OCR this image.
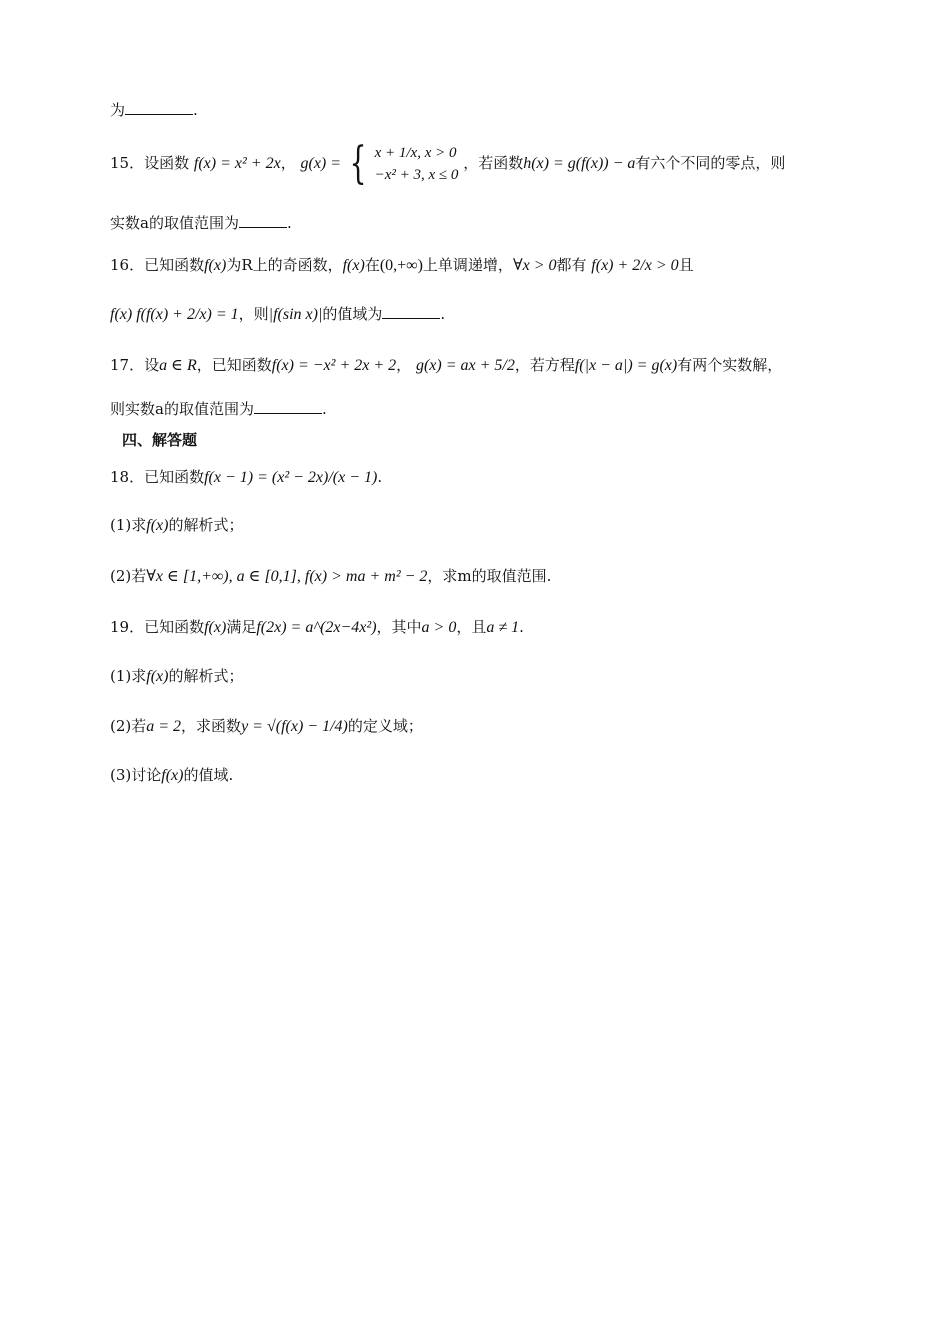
为	.
15．设函数 f(x) = x² + 2x， g(x) = { x + 1/x, x > 0
−x² + 3, x ≤ 0
，若函数h(x) = g(f(x)) − a有六个不同的零点，则
实数a的取值范围为	.
16．已知函数f(x)为R上的奇函数，f(x)在(0,+∞)上单调递增，∀x > 0都有 f(x) + 2/x > 0且
f(x) f(f(x) + 2/x) = 1，则|f(sin x)|的值域为	.
17．设a ∈ R，已知函数f(x) = −x² + 2x + 2， g(x) = ax + 5/2，若方程f(|x − a|) = g(x)有两个实数解，
则实数a的取值范围为	.
四、解答题
18．已知函数f(x − 1) = (x² − 2x)/(x − 1).
(1)求f(x)的解析式；
(2)若∀x ∈ [1,+∞), a ∈ [0,1], f(x) > ma + m² − 2，求m的取值范围.
19．已知函数f(x)满足f(2x) = a^(2x−4x²)，其中a > 0，且a ≠ 1.
(1)求f(x)的解析式；
(2)若a = 2，求函数y = √(f(x) − 1/4)的定义域；
(3)讨论f(x)的值域.
